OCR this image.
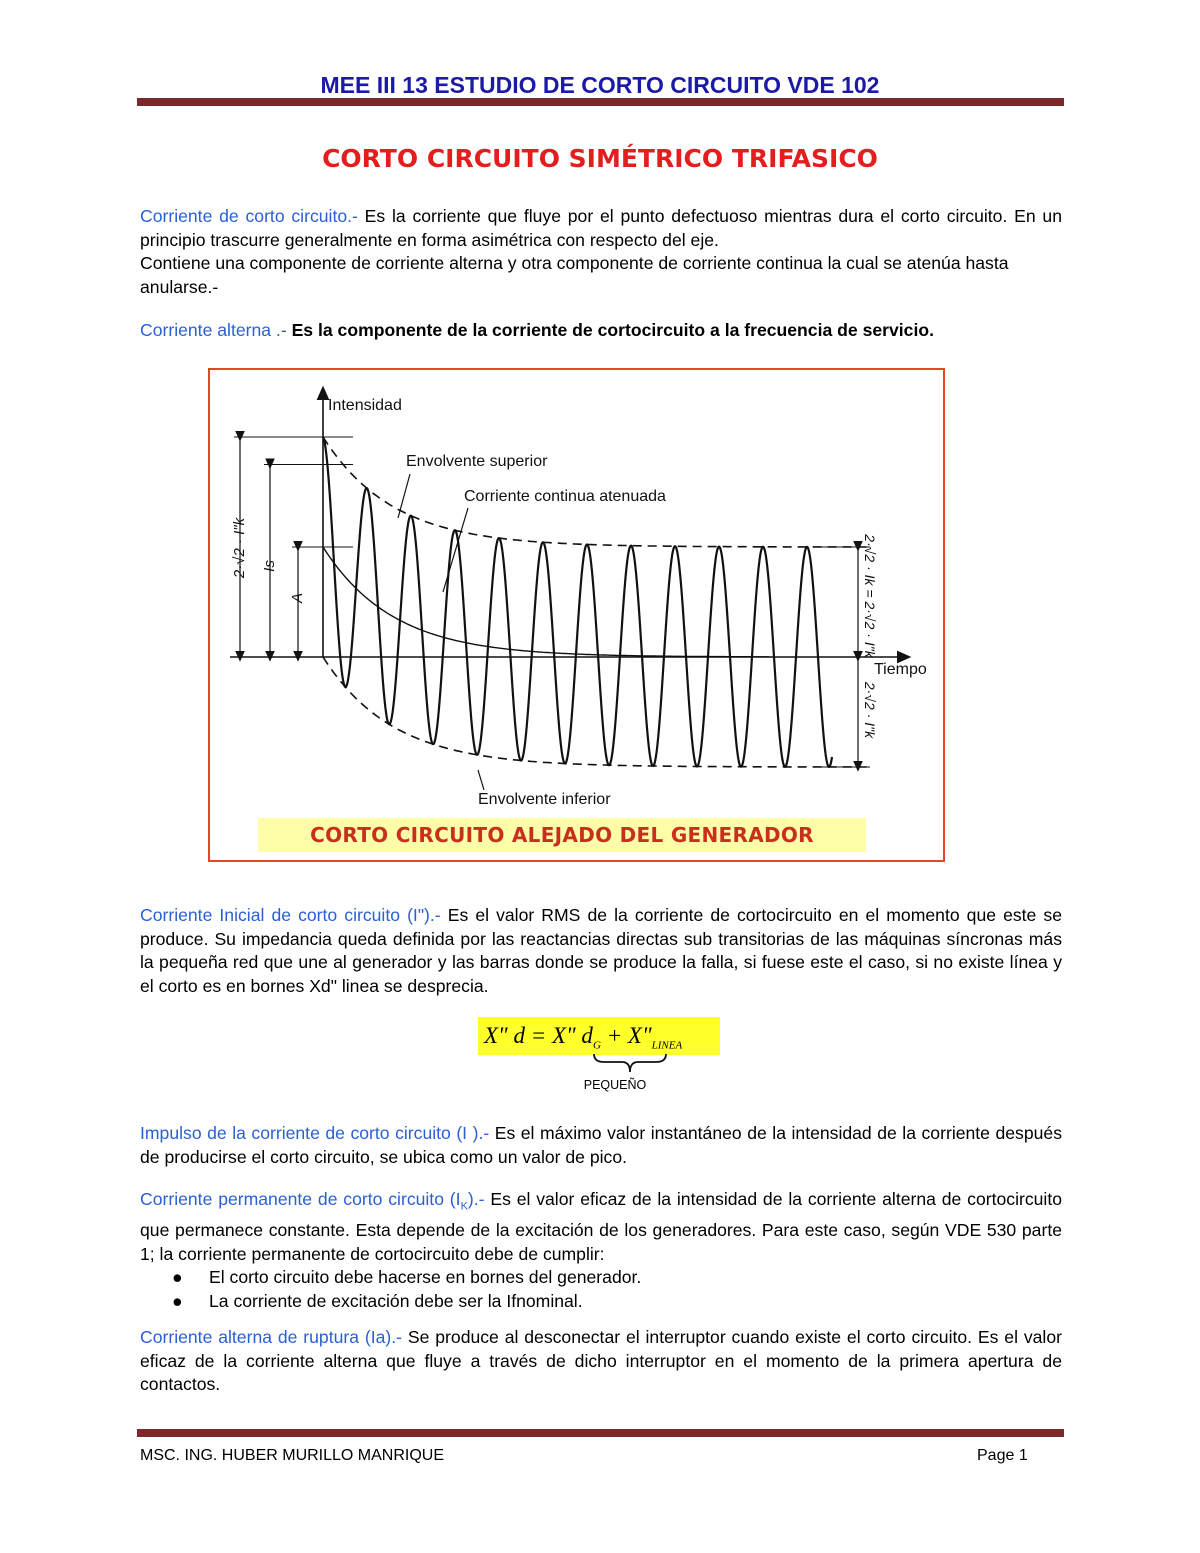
MEE III 13 ESTUDIO DE CORTO CIRCUITO VDE 102
CORTO CIRCUITO SIMÉTRICO TRIFASICO

Corriente de corto circuito.- Es la corriente que fluye por el punto defectuoso mientras dura el corto circuito. En un principio trascurre generalmente en forma asimétrica con respecto del eje.

Contiene una componente de corriente alterna y otra componente de corriente continua la cual se atenúa hasta anularse.-

Corriente alterna .- Es la componente de la corriente de cortocircuito a la frecuencia de servicio.

Intensidad
Tiempo
Envolvente superior
Corriente continua atenuada
Envolvente inferior
2·√2 · I"k Is
A	2·√2 · Ik = 2·√2 · I"k
2·√2 · I"k
CORTO CIRCUITO ALEJADO DEL GENERADOR

Corriente Inicial de corto circuito (I").- Es el valor RMS de la corriente de cortocircuito en el momento que este se produce. Su impedancia queda definida por las reactancias directas sub transitorias de las máquinas síncronas más la pequeña red que une al generador y las barras donde se produce la falla, si fuese este el caso, si no existe línea y el corto es en bornes Xd" linea se desprecia.

X" d = X" $d_G$ + $X"_{LINEA}$
PEQUEÑO

Impulso de la corriente de corto circuito (I ).- Es el máximo valor instantáneo de la intensidad de la corriente después de producirse el corto circuito, se ubica como un valor de pico.

Corriente permanente de corto circuito $(I_K).-$ Es el valor eficaz de la intensidad de la corriente alterna de cortocircuito que permanece constante. Esta depende de la excitación de los generadores. Para este caso, según VDE 530 parte 1; la corriente permanente de cortocircuito debe de cumplir:

● El corto circuito debe hacerse en bornes del generador.
● La corriente de excitación debe ser la Ifnominal.

Corriente alterna de ruptura (Ia).- Se produce al desconectar el interruptor cuando existe el corto circuito. Es el valor eficaz de la corriente alterna que fluye a través de dicho interruptor en el momento de la primera apertura de contactos.

MSC. ING. HUBER MURILLO MANRIQUE	Page 1
